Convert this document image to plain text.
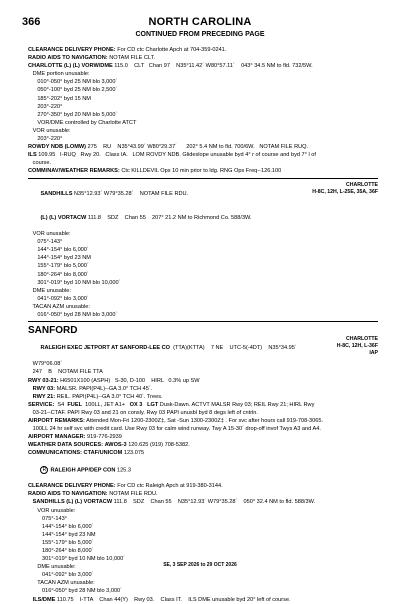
366	NORTH CAROLINA
CONTINUED FROM PRECEDING PAGE
CLEARANCE DELIVERY PHONE: For CD ctc Charlotte Apch at 704-359-0241.
RADIO AIDS TO NAVIGATION: NOTAM FILE CLT.
CHARLOTTE (L) (L) VORW/DME 115.0    CLT   Chan 97    N35°11.42´ W80°57.11´    043° 34.5 NM to fld. 732/5W.
DME portion unusable:
010°-050° byd 25 NM blo 3,000´
050°-100° byd 25 NM blo 2,500´
185°-202° byd 15 NM
203°-220°
270°-350° byd 20 NM blo 5,000´
VOR/DME controlled by Charlotte ATCT
VOR unusable:
203°-220°
ROWDY NDB (LOMW) 275    RU    N35°43.99´ W80°29.37´      202° 5.4 NM to fld. 700/6W.   NOTAM FILE RUQ.
ILS 109.95   I-RUQ   Rwy 20.   Class IA.   LOM ROVDY NDB. Glideslope unusable byd 4° r of course and byd 7° l of
course.
COMM/NAV/WEATHER REMARKS: Ctc KILLDEVIL Ops 10 min prior to ldg. RNG Ops Freq--126.100

SANDHILLS N35°12.93´ W79°35.28´    NOTAM FILE RDU.

(L) (L) VORTACW 111.8    SDZ    Chan 55    207° 21.2 NM to Richmond Co. 588/3W.

CHARLOTTE
H-8C, 12H, L-25E, 35A, 36F
VOR unusable:
075°-143°
144°-154° blo 6,000´
144°-154° byd 23 NM
155°-179° blo 5,000´
180°-264° blo 8,000´
301°-019° byd 10 NM blo 10,000´
DME unusable:
041°-092° blo 3,000´
TACAN AZM unusable:
016°-050° byd 28 NM blo 3,000´
SANFORD

RALEIGH EXEC JETPORT AT SANFORD-LEE CO  (TTA)(KTTA)    7 NE    UTC-5(-4DT)    N35°34.95´

CHARLOTTE
H-8C, 12H, L-36F
IAP
W79°06.08´
247    B    NOTAM FILE TTA
RWY 03-21: H6501X100 (ASPH)   S-30, D-100    HIRL   0.3% up SW
RWY 03: MALSR. PAPI(P4L)--GA 3.0° TCH 45´.
RWY 21: REIL. PAPI(P4L)--GA 3.0° TCH 40´. Trees.
SERVICE:  S4  FUEL  100LL, JET A1+   OX 3 LGT Dusk-Dawn. ACTVT MALSR Rwy 03; REIL Rwy 21; HIRL Rwy
03-21--CTAF. PAPI Rwy 03 and 21 on consly. Rwy 03 PAPI unusbl byd 8 degs left of cntrln.
AIRPORT REMARKS: Attended Mon-Fri 1200-2300Z‡, Sat -Sun 1300-2300Z‡ . For svc after hours call 919-708-3065.
100LL 24 hr self svc with credit card. Use Rwy 03 for calm wind runway. Twy A 15-30´ drop-off invof Twys A3 and A4.
AIRPORT MANAGER: 919-776-2939
WEATHER DATA SOURCES: AWOS-3 120.625 (919) 708-5382.
COMMUNICATIONS: CTAF/UNICOM 123.075

R RALEIGH APP/DEP CON 125.3

CLEARANCE DELIVERY PHONE: For CD ctc Raleigh Apch at 919-380-3144.
RADIO AIDS TO NAVIGATION: NOTAM FILE RDU.
SANDHILLS (L) (L) VORTACW 111.8    SDZ    Chan 55    N35°12.93´ W79°35.28´    050° 32.4 NM to fld. 588/3W.
VOR unusable:
075°-143°
144°-154° blo 6,000´
144°-154° byd 23 NM
155°-179° blo 5,000´
180°-264° blo 8,000´
301°-019° byd 10 NM blo 10,000´
DME unusable:
041°-092° blo 3,000´
TACAN AZM unusable:
016°-050° byd 28 NM blo 3,000´
ILS/DME 110.75    I-TTA    Chan 44(Y)    Rwy 03.    Class IT.    ILS DME unusable byd 20° left of course.
SE, 3 SEP 2026 to 29 OCT 2026
